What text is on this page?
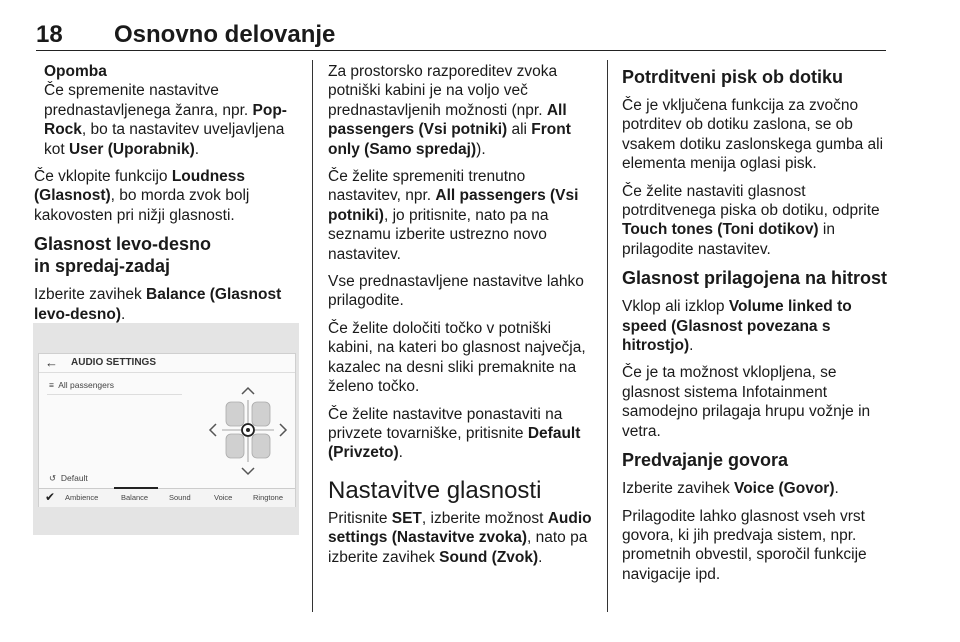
18 Osnovno delovanje
Opomba

Če spremenite nastavitve prednastavljenega žanra, npr. Pop-Rock, bo ta nastavitev uveljavljena kot User (Uporabnik).

Če vklopite funkcijo Loudness (Glasnost), bo morda zvok bolj kakovosten pri nižji glasnosti.

Glasnost levo-desno
in spredaj-zadaj

Izberite zavihek Balance (Glasnost levo-desno).

← AUDIO SETTINGS
≡  All passengers
↺  Default
✔ Ambience	Balance	Sound	Voice	Ringtone

Za prostorsko razporeditev zvoka potniški kabini je na voljo več prednastavljenih možnosti (npr. All passengers (Vsi potniki) ali Front only (Samo spredaj)).

Če želite spremeniti trenutno nastavitev, npr. All passengers (Vsi potniki), jo pritisnite, nato pa na seznamu izberite ustrezno novo nastavitev.

Vse prednastavljene nastavitve lahko prilagodite.

Če želite določiti točko v potniški kabini, na kateri bo glasnost največja, kazalec na desni sliki premaknite na želeno točko.

Če želite nastavitve ponastaviti na privzete tovarniške, pritisnite Default (Privzeto).

Nastavitve glasnosti

Pritisnite SET, izberite možnost Audio settings (Nastavitve zvoka), nato pa izberite zavihek Sound (Zvok).

Potrditveni pisk ob dotiku

Če je vključena funkcija za zvočno potrditev ob dotiku zaslona, se ob vsakem dotiku zaslonskega gumba ali elementa menija oglasi pisk.

Če želite nastaviti glasnost potrditvenega piska ob dotiku, odprite Touch tones (Toni dotikov) in prilagodite nastavitev.

Glasnost prilagojena na hitrost

Vklop ali izklop Volume linked to speed (Glasnost povezana s hitrostjo).

Če je ta možnost vklopljena, se glasnost sistema Infotainment samodejno prilagaja hrupu vožnje in vetra.

Predvajanje govora

Izberite zavihek Voice (Govor).

Prilagodite lahko glasnost vseh vrst govora, ki jih predvaja sistem, npr. prometnih obvestil, sporočil funkcije navigacije ipd.
